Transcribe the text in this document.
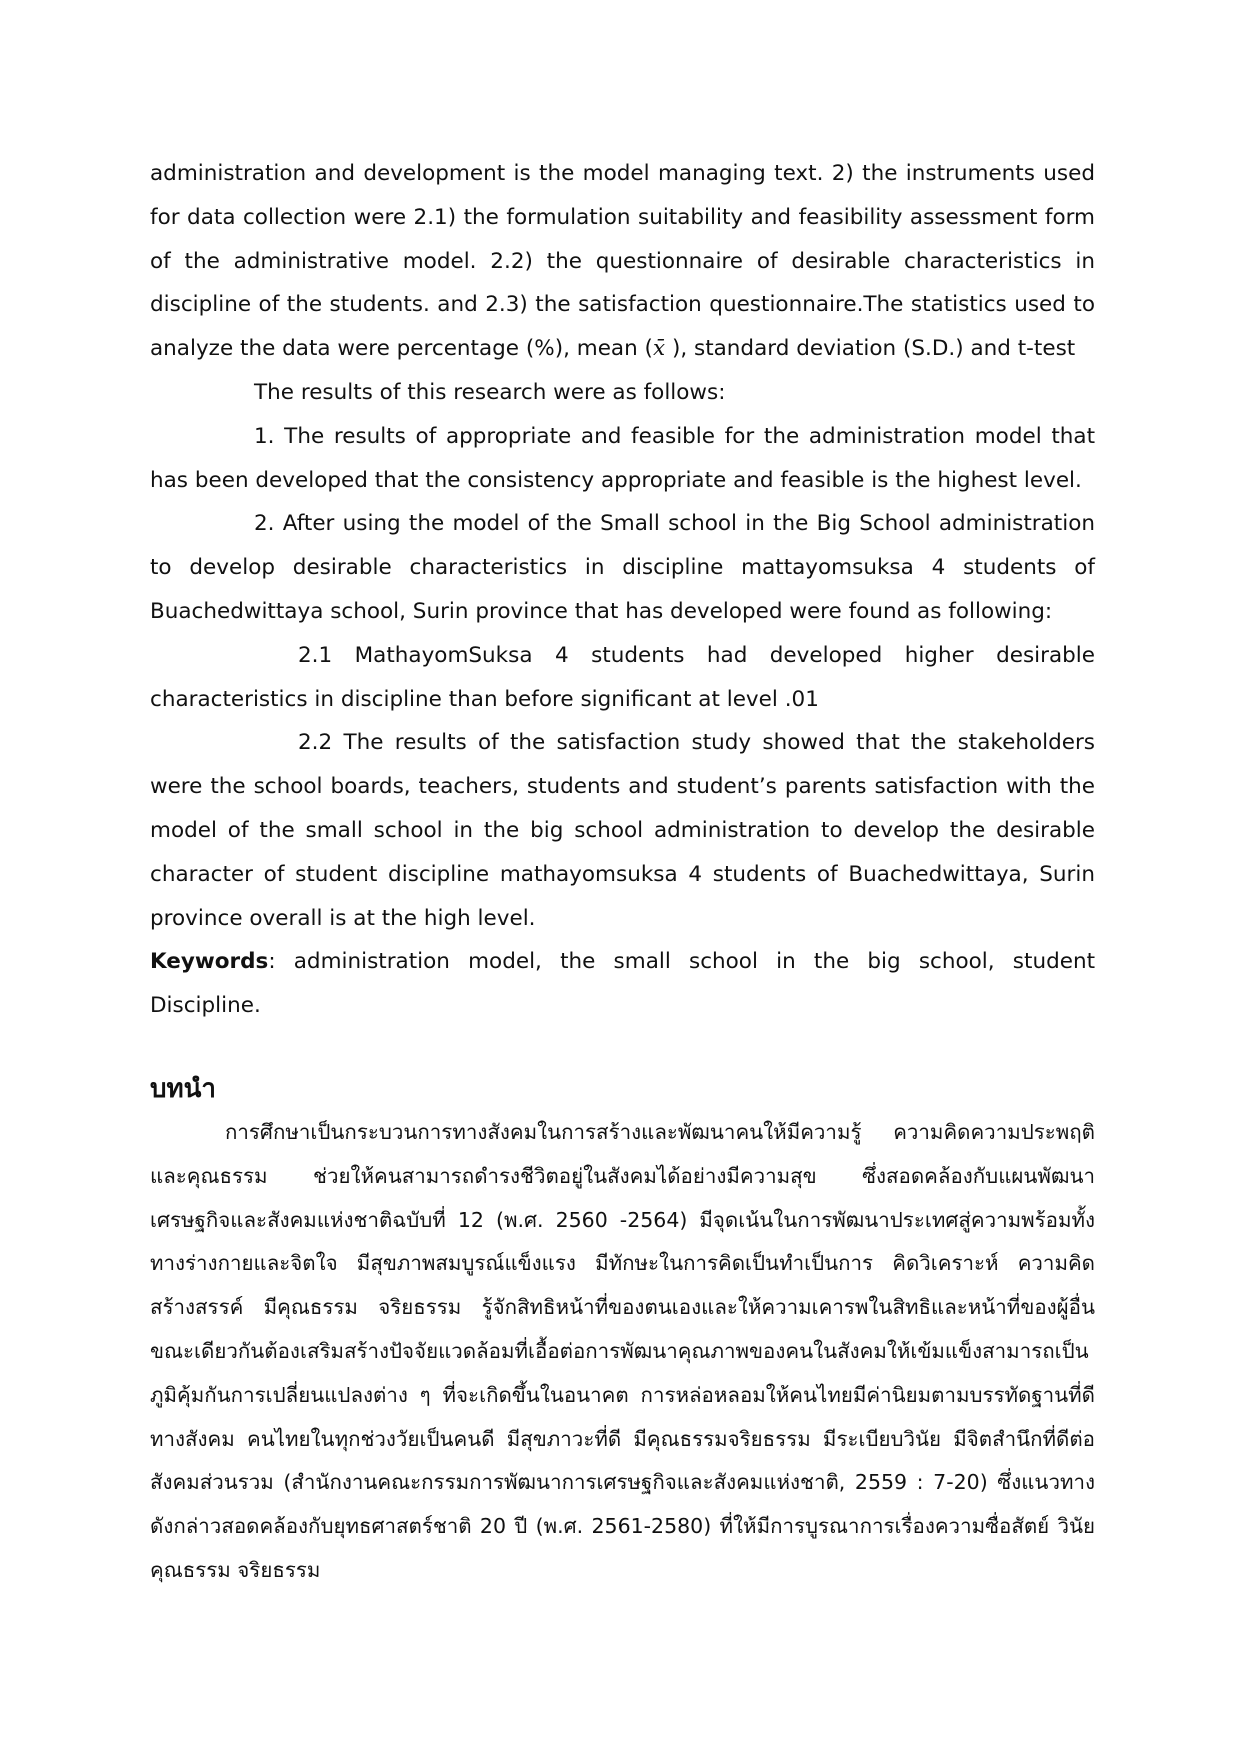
administration and development is the model managing text. 2) the instruments used for data collection were 2.1) the formulation suitability and feasibility assessment form of the administrative model. 2.2) the questionnaire of desirable characteristics in discipline of the students. and 2.3) the satisfaction questionnaire.The statistics used to analyze the data were percentage (%), mean (x̄ ), standard deviation (S.D.) and t-test

The results of this research were as follows:

1. The results of appropriate and feasible for the administration model that has been developed that the consistency appropriate and feasible is the highest level.

2. After using the model of the Small school in the Big School administration to develop desirable characteristics in discipline mattayomsuksa 4 students of Buachedwittaya school, Surin province that has developed were found as following:

2.1 MathayomSuksa 4 students had developed higher desirable characteristics in discipline than before significant at level .01

2.2 The results of the satisfaction study showed that the stakeholders were the school boards, teachers, students and student’s parents satisfaction with the model of the small school in the big school administration to develop the desirable character of student discipline mathayomsuksa 4 students of Buachedwittaya, Surin province overall is at the high level.

Keywords: administration model, the small school in the big school, student Discipline.

บทนำ

การศึกษาเป็นกระบวนการทางสังคมในการสร้างและพัฒนาคนให้มีความรู้ ความคิดความประพฤติและคุณธรรม ช่วยให้คนสามารถดำรงชีวิตอยู่ในสังคมได้อย่างมีความสุข ซึ่งสอดคล้องกับแผนพัฒนาเศรษฐกิจและสังคมแห่งชาติฉบับที่ 12 (พ.ศ. 2560 -2564) มีจุดเน้นในการพัฒนาประเทศสู่ความพร้อมทั้งทางร่างกายและจิตใจ มีสุขภาพสมบูรณ์แข็งแรง มีทักษะในการคิดเป็นทำเป็นการ คิดวิเคราะห์ ความคิดสร้างสรรค์ มีคุณธรรม จริยธรรม รู้จักสิทธิหน้าที่ของตนเองและให้ความเคารพในสิทธิและหน้าที่ของผู้อื่น ขณะเดียวกันต้องเสริมสร้างปัจจัยแวดล้อมที่เอื้อต่อการพัฒนาคุณภาพของคนในสังคมให้เข้มแข็งสามารถเป็นภูมิคุ้มกันการเปลี่ยนแปลงต่าง ๆ ที่จะเกิดขึ้นในอนาคต การหล่อหลอมให้คนไทยมีค่านิยมตามบรรทัดฐานที่ดีทางสังคม คนไทยในทุกช่วงวัยเป็นคนดี มีสุขภาวะที่ดี มีคุณธรรมจริยธรรม มีระเบียบวินัย มีจิตสำนึกที่ดีต่อสังคมส่วนรวม (สำนักงานคณะกรรมการพัฒนาการเศรษฐกิจและสังคมแห่งชาติ, 2559 : 7-20) ซึ่งแนวทางดังกล่าวสอดคล้องกับยุทธศาสตร์ชาติ 20 ปี (พ.ศ. 2561-2580) ที่ให้มีการบูรณาการเรื่องความซื่อสัตย์ วินัย คุณธรรม จริยธรรม
